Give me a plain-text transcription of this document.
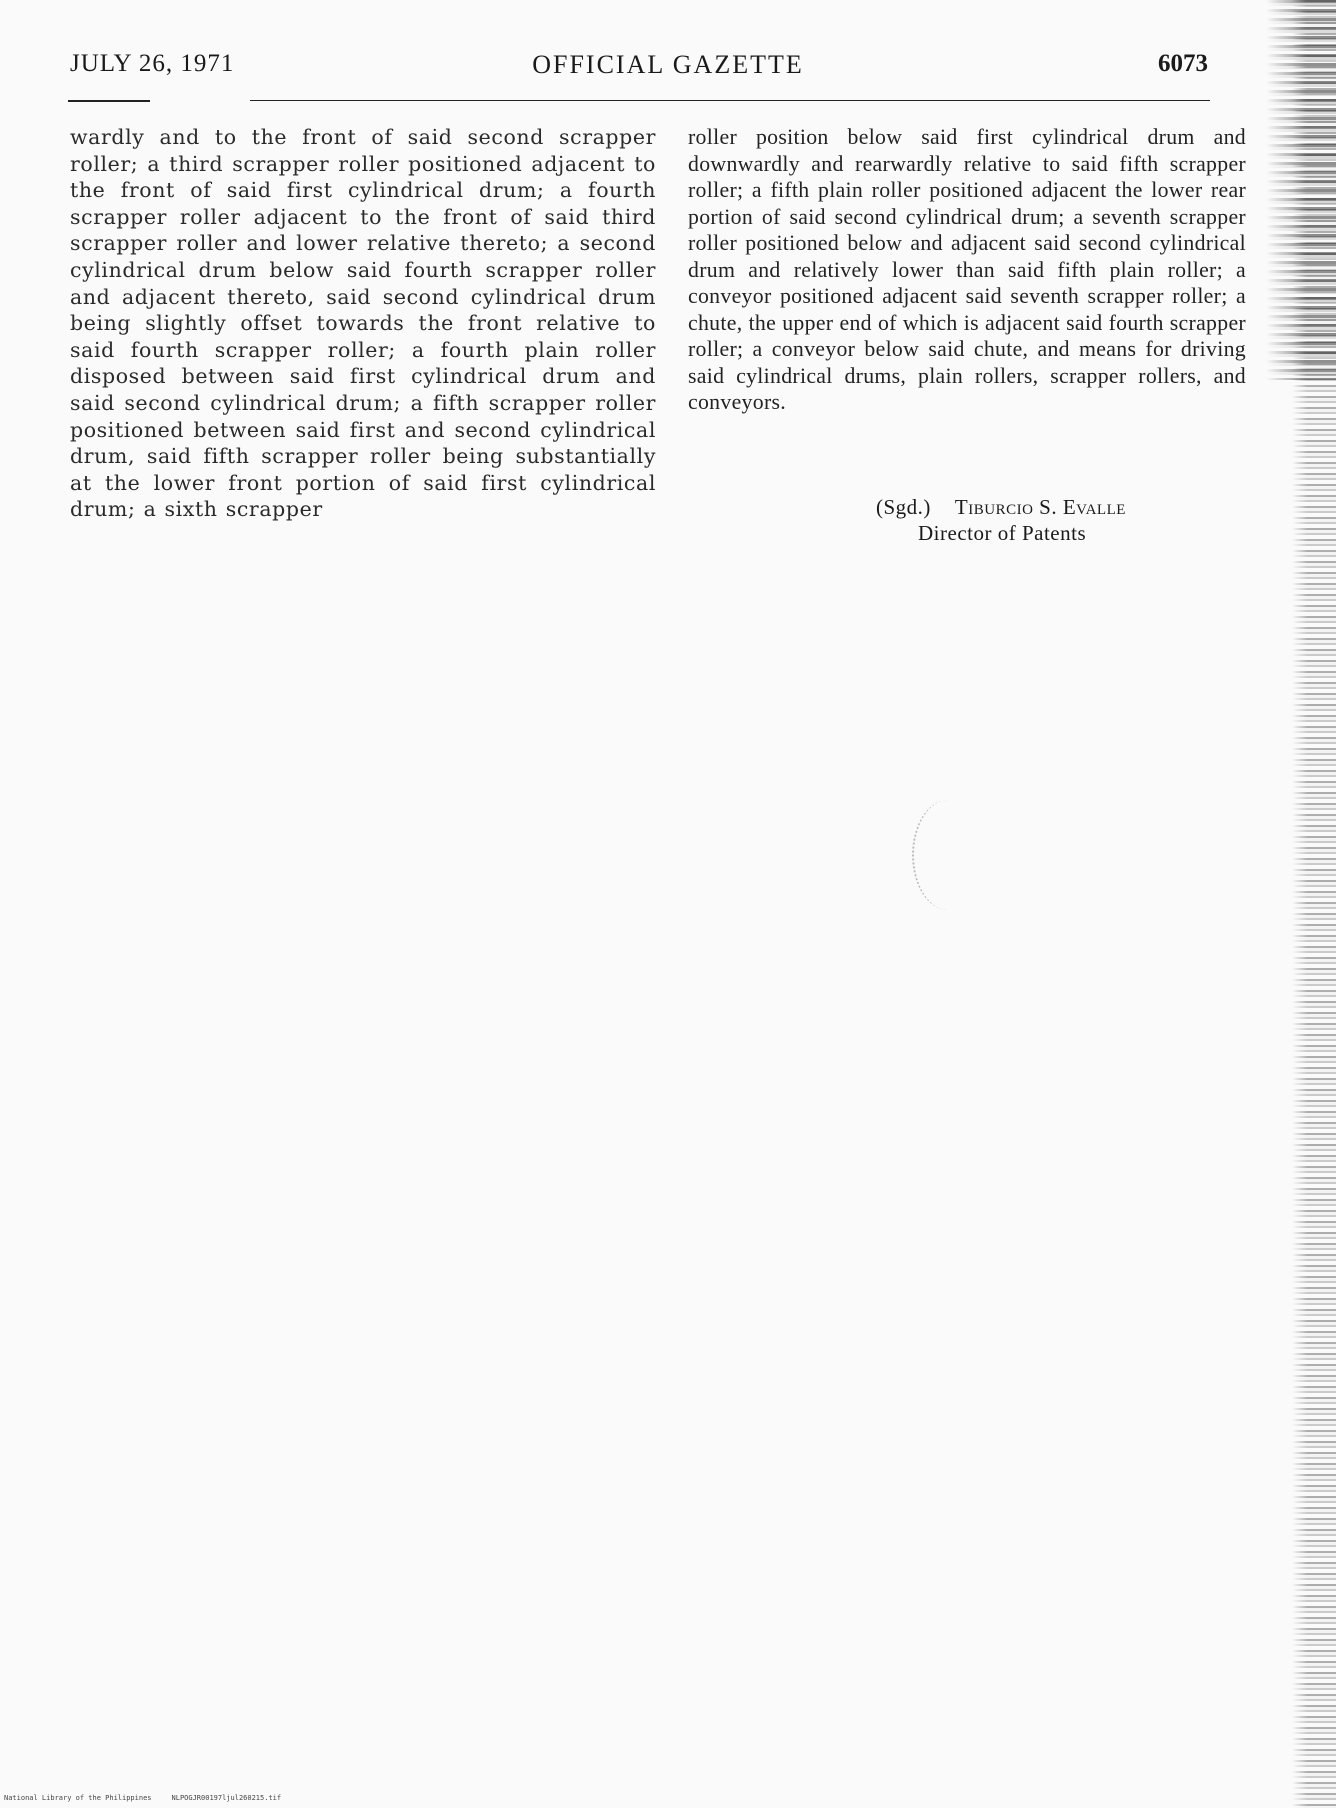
JULY 26, 1971	OFFICIAL GAZETTE	6073

wardly and to the front of said second scrapper roller; a third scrapper roller positioned adjacent to the front of said first cylindrical drum; a fourth scrapper roller adjacent to the front of said third scrapper roller and lower relative thereto; a second cylindrical drum below said fourth scrapper roller and adjacent thereto, said second cylindrical drum being slightly offset towards the front relative to said fourth scrapper roller; a fourth plain roller disposed between said first cylindrical drum and said second cylindrical drum; a fifth scrapper roller positioned between said first and second cylindrical drum, said fifth scrapper roller being substantially at the lower front portion of said first cylindrical drum; a sixth scrapper

roller position below said first cylindrical drum and downwardly and rearwardly relative to said fifth scrapper roller; a fifth plain roller positioned adjacent the lower rear portion of said second cylindrical drum; a seventh scrapper roller positioned below and adjacent said second cylindrical drum and relatively lower than said fifth plain roller; a conveyor positioned adjacent said seventh scrapper roller; a chute, the upper end of which is adjacent said fourth scrapper roller; a conveyor below said chute, and means for driving said cylindrical drums, plain rollers, scrapper rollers, and conveyors.

(Sgd.) Tiburcio S. Evalle
Director of Patents
National Library of the Philippines	NLPOGJR00197ljul260215.tif
